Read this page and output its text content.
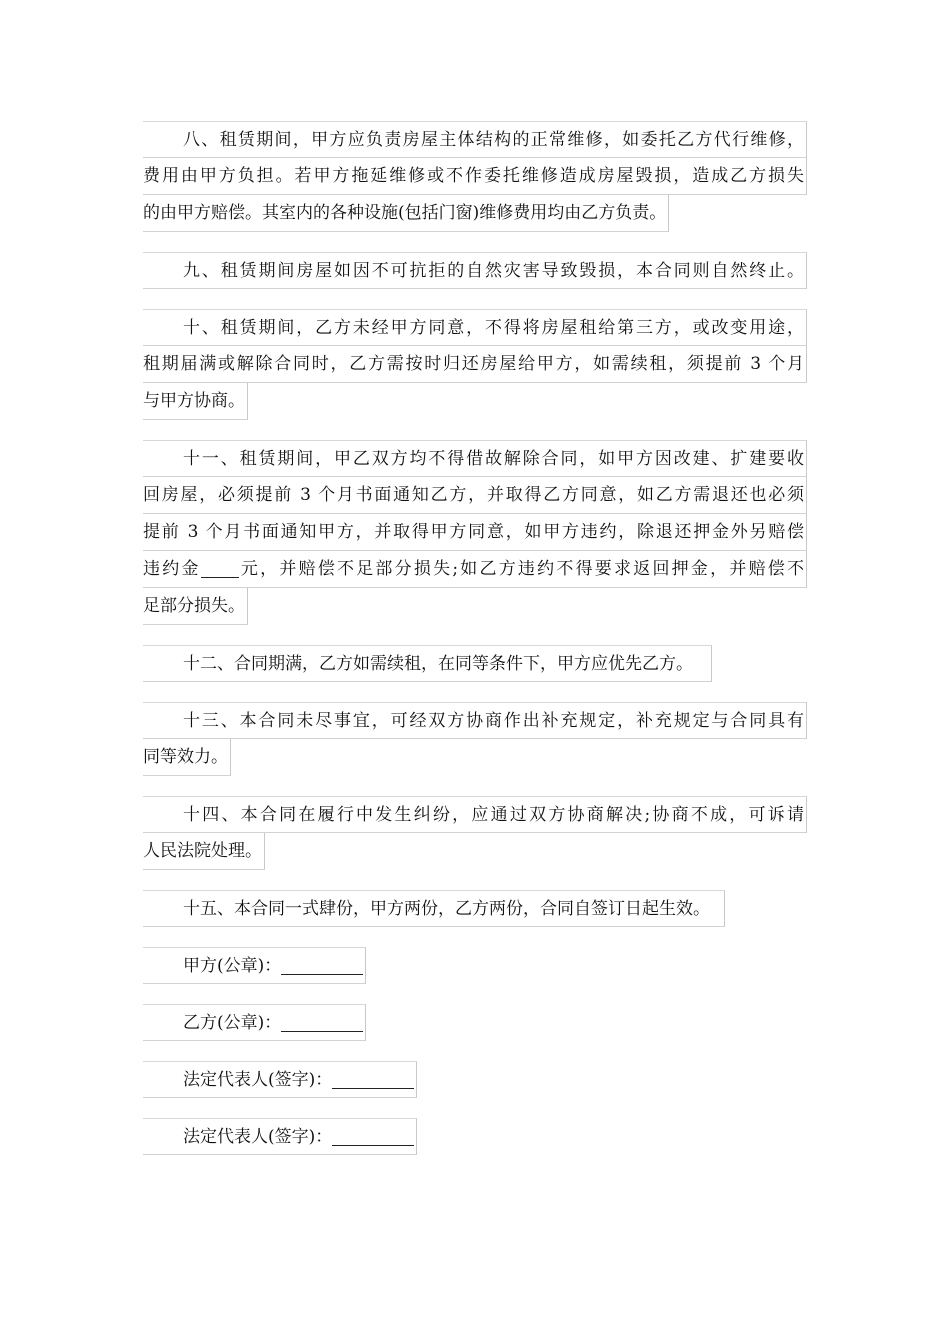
八、租赁期间，甲方应负责房屋主体结构的正常维修，如委托乙方代行维修，
费用由甲方负担。若甲方拖延维修或不作委托维修造成房屋毁损，造成乙方损失
的由甲方赔偿。其室内的各种设施(包括门窗)维修费用均由乙方负责。
九、租赁期间房屋如因不可抗拒的自然灾害导致毁损，本合同则自然终止。
十、租赁期间，乙方未经甲方同意，不得将房屋租给第三方，或改变用途，
租期届满或解除合同时，乙方需按时归还房屋给甲方，如需续租，须提前 3 个月
与甲方协商。
十一、租赁期间，甲乙双方均不得借故解除合同，如甲方因改建、扩建要收
回房屋，必须提前 3 个月书面通知乙方，并取得乙方同意，如乙方需退还也必须
提前 3 个月书面通知甲方，并取得甲方同意，如甲方违约，除退还押金外另赔偿
违约金 元，并赔偿不足部分损失;如乙方违约不得要求返回押金，并赔偿不
足部分损失。
十二、合同期满，乙方如需续租，在同等条件下，甲方应优先乙方。
十三、本合同未尽事宜，可经双方协商作出补充规定，补充规定与合同具有
同等效力。
十四、本合同在履行中发生纠纷，应通过双方协商解决;协商不成，可诉请
人民法院处理。
十五、本合同一式肆份，甲方两份，乙方两份，合同自签订日起生效。
甲方(公章)：
乙方(公章)：
法定代表人(签字)：
法定代表人(签字)：
